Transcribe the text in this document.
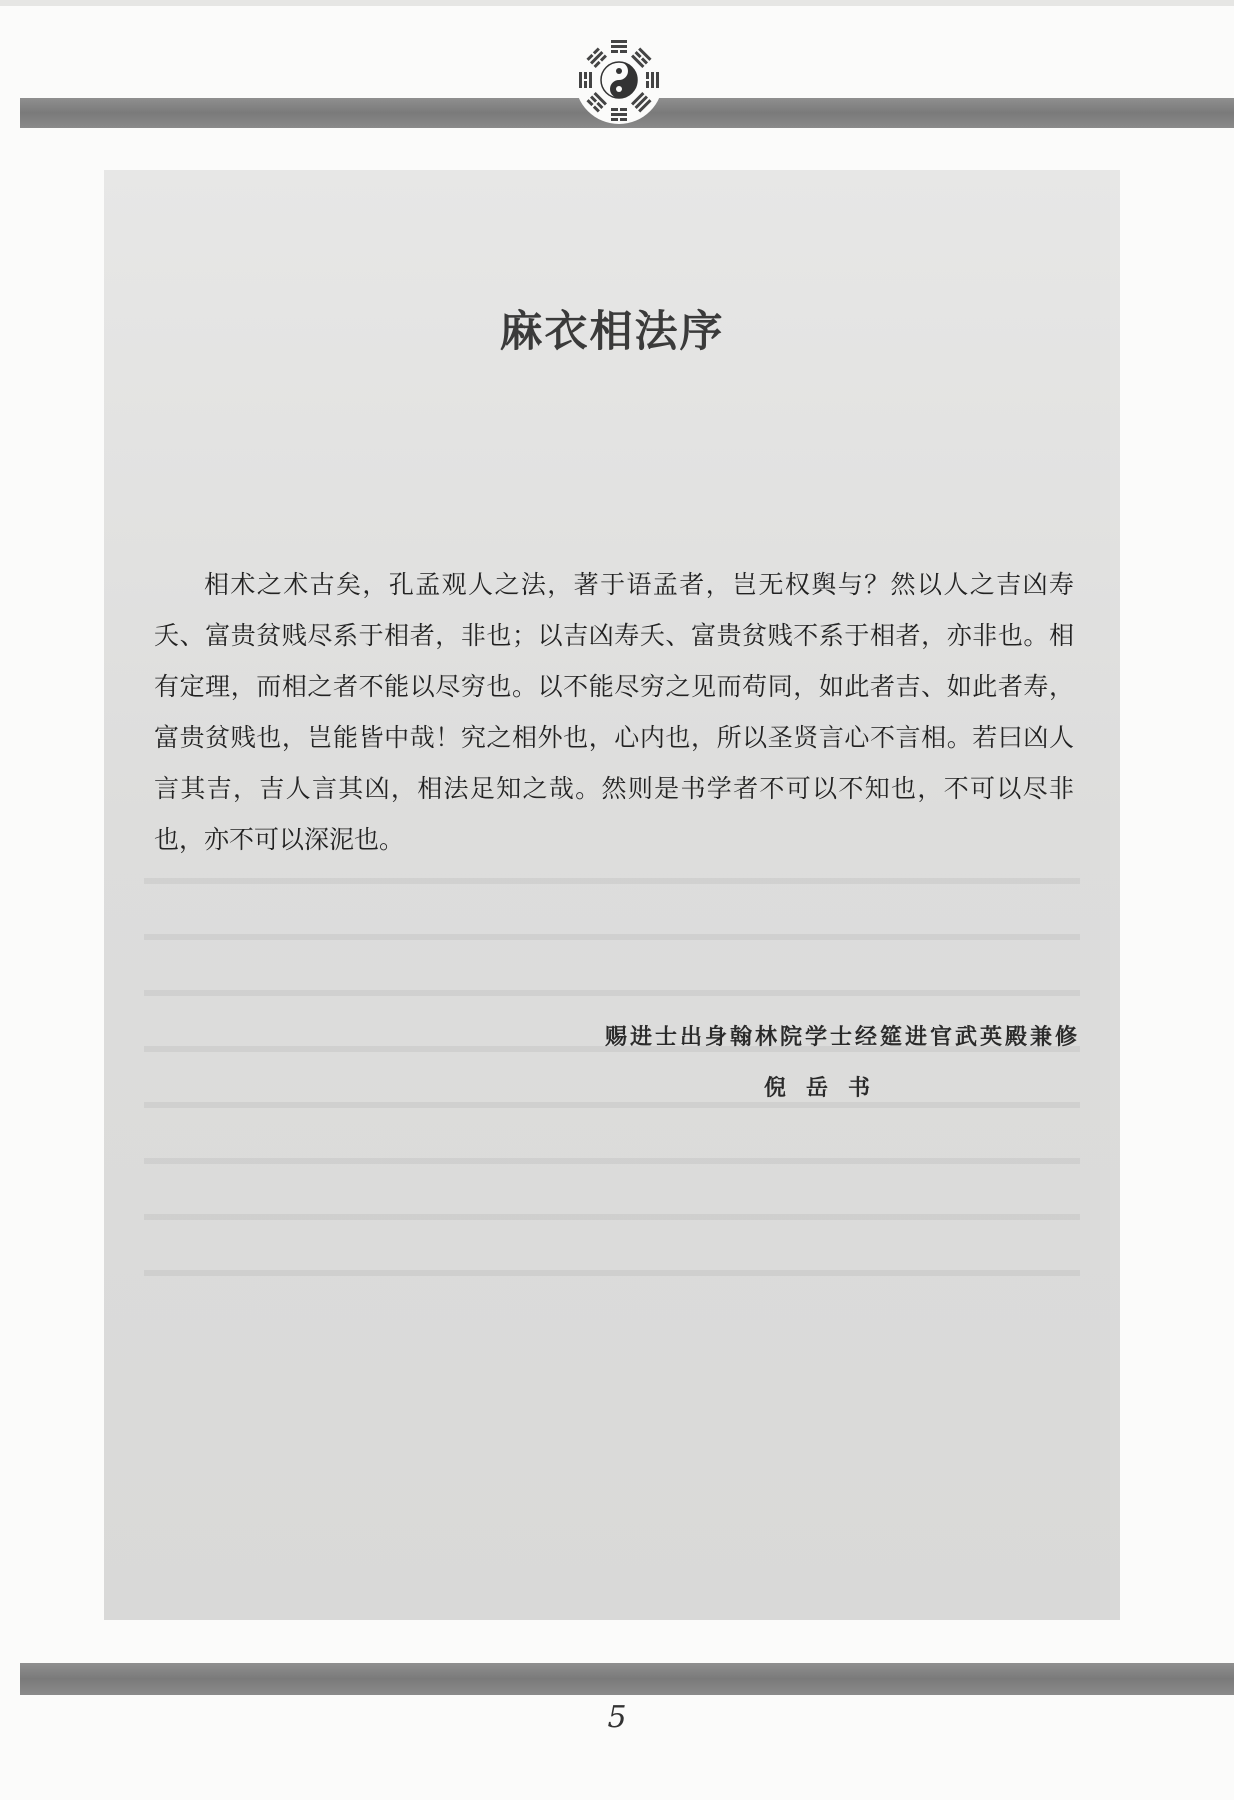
麻衣相法序

相术之术古矣，孔孟观人之法，著于语孟者，岂无权舆与？然以人之吉凶寿夭、富贵贫贱尽系于相者，非也；以吉凶寿夭、富贵贫贱不系于相者，亦非也。相有定理，而相之者不能以尽穷也。以不能尽穷之见而苟同，如此者吉、如此者寿，富贵贫贱也，岂能皆中哉！究之相外也，心内也，所以圣贤言心不言相。若曰凶人言其吉，吉人言其凶，相法足知之哉。然则是书学者不可以不知也，不可以尽非也，亦不可以深泥也。

赐进士出身翰林院学士经筵进官武英殿兼修
倪岳书
5
